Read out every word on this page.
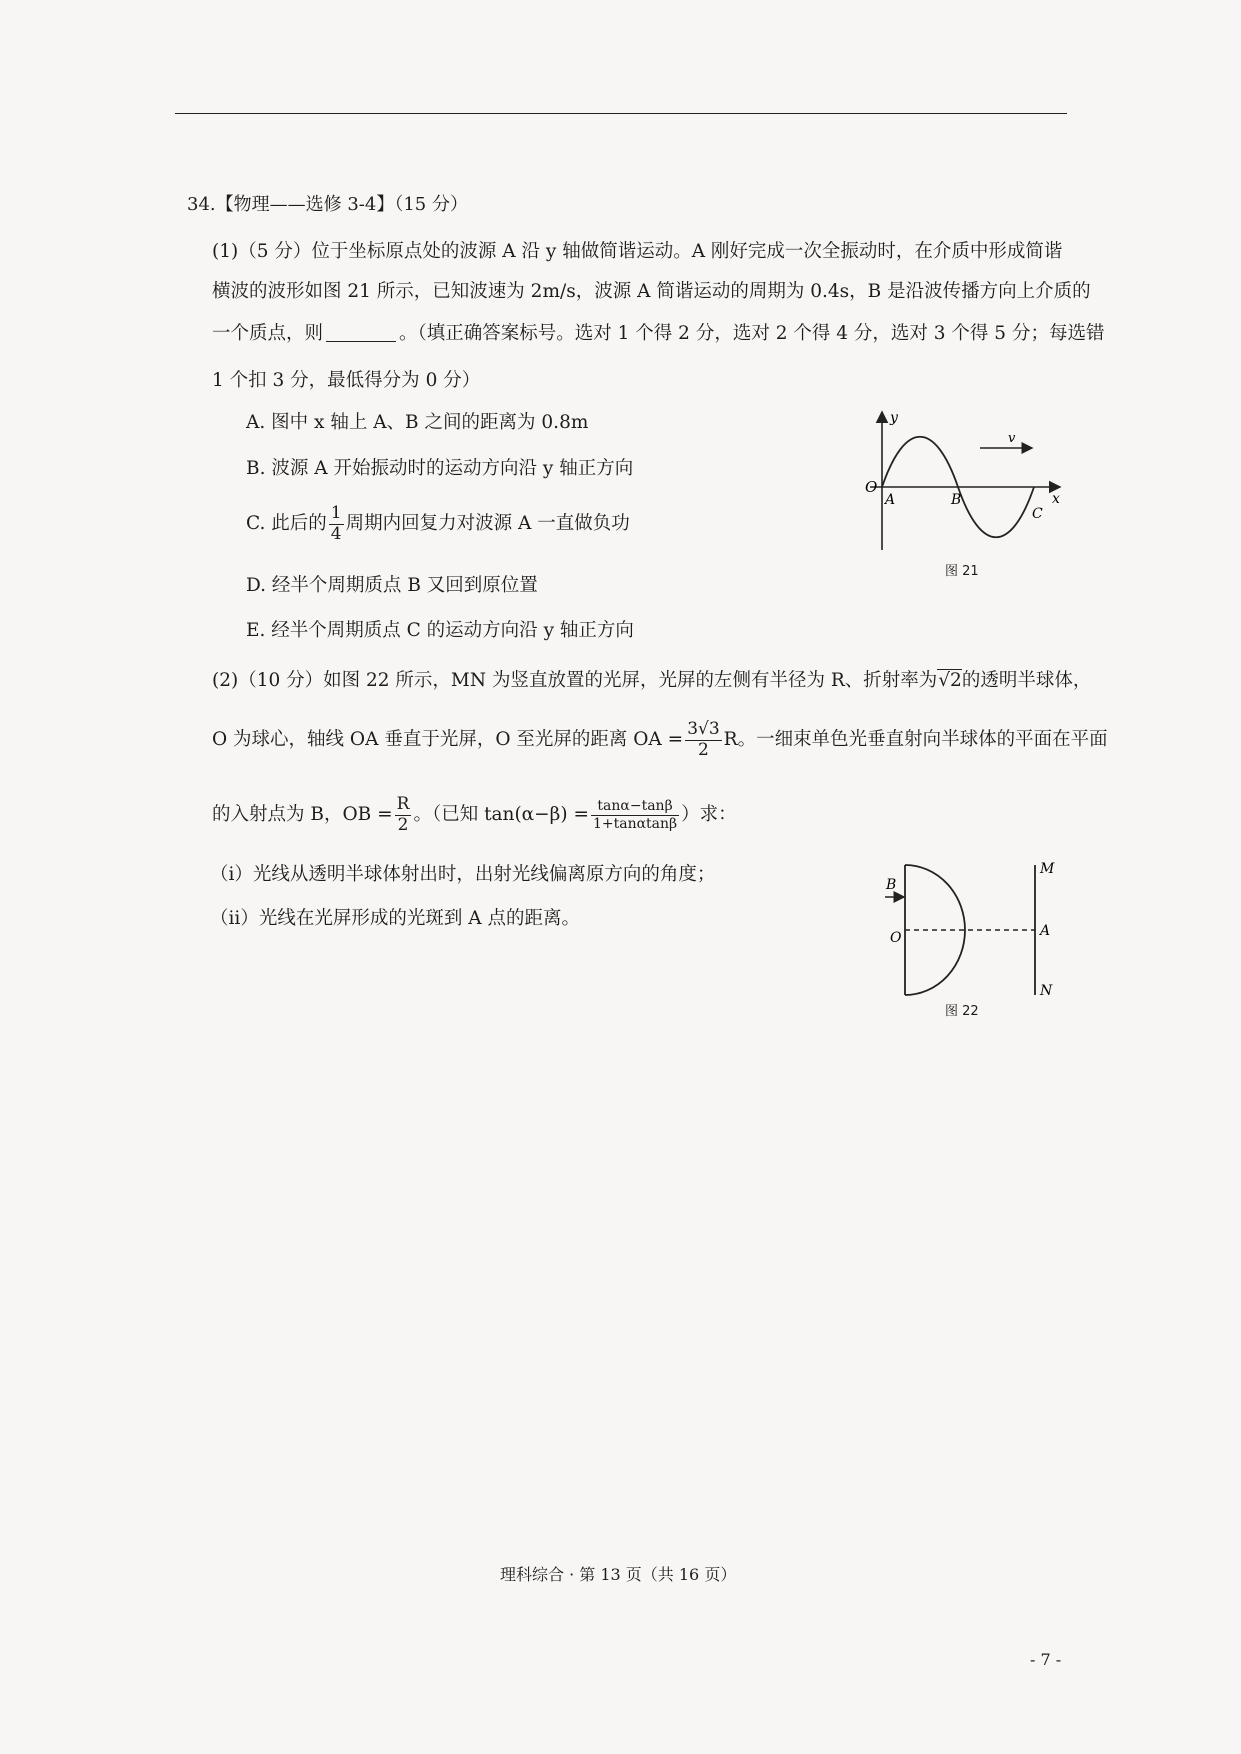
34.【物理——选修 3-4】（15 分）
(1)（5 分）位于坐标原点处的波源 A 沿 y 轴做简谐运动。A 刚好完成一次全振动时，在介质中形成简谐
横波的波形如图 21 所示，已知波速为 2m/s，波源 A 简谐运动的周期为 0.4s，B 是沿波传播方向上介质的
一个质点，则	。（填正确答案标号。选对 1 个得 2 分，选对 2 个得 4 分，选对 3 个得 5 分；每选错
1 个扣 3 分，最低得分为 0 分）
A. 图中 x 轴上 A、B 之间的距离为 0.8m
B. 波源 A 开始振动时的运动方向沿 y 轴正方向
C. 此后的 $\frac{1}{4}$ 周期内回复力对波源 A 一直做负功
D. 经半个周期质点 B 又回到原位置
E. 经半个周期质点 C 的运动方向沿 y 轴正方向
y
x
v
O
A	B
C
图 21
(2)（10 分）如图 22 所示，MN 为竖直放置的光屏，光屏的左侧有半径为 R、折射率为√2的透明半球体，
O 为球心，轴线 OA 垂直于光屏，O 至光屏的距离 OA = $\frac{3√3}{2}$ R。一细束单色光垂直射向半球体的平面在平面
的入射点为 B，OB = $\frac{R}{2}$ 。（已知 $\tan(\alpha-\beta) = \frac{\tan\alpha-\tan\beta}{1+\tan\alpha\tan\beta}$ ）求：
（ⅰ）光线从透明半球体射出时，出射光线偏离原方向的角度；
（ⅱ）光线在光屏形成的光斑到 A 点的距离。
B
O
M
A
N
图 22
理科综合 · 第 13 页（共 16 页）
- 7 -
